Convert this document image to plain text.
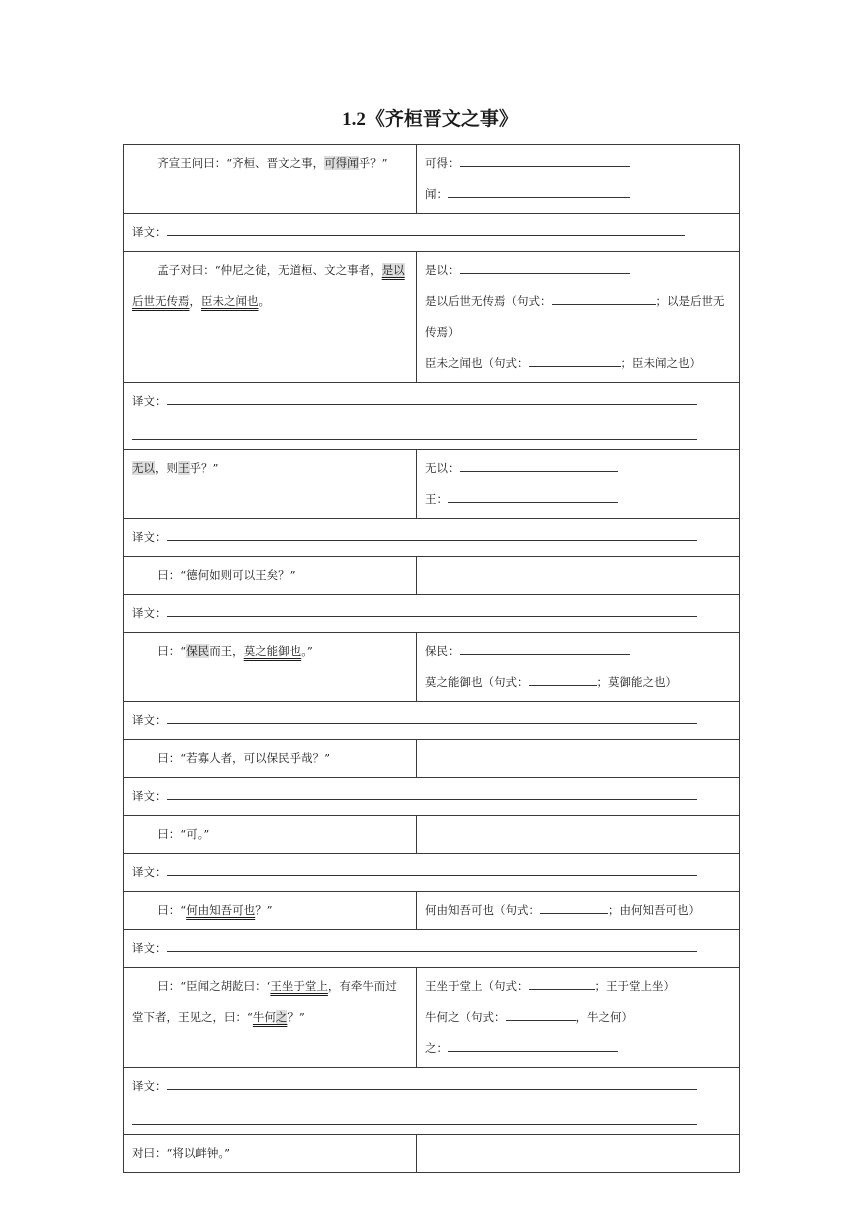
1.2《齐桓晋文之事》
齐宣王问曰：“齐桓、晋文之事，可得闻乎？”	可得：
闻：

译文：	
孟子对曰：“仲尼之徒，无道桓、文之事者，是以后世无传焉，臣未之闻也。	是以：
是以后世无传焉（句式： ；以是后世无传焉）
臣未之闻也（句式： ；臣未闻之也）

译文：	

无以，则王乎？”	无以：
王：

译文：	
曰：“德何如则可以王矣？”	
译文：	
曰：“保民而王，莫之能御也。”	保民：
莫之能御也（句式： ；莫御能之也）

译文：	
曰：“若寡人者，可以保民乎哉？”	
译文：	
曰：“可。”	
译文：	
曰：“何由知吾可也？”	何由知吾可也（句式： ；由何知吾可也）

译文：	
曰：“臣闻之胡龁曰：‘王坐于堂上，有牵牛而过堂下者，王见之，曰：“牛何之？”	王坐于堂上（句式： ；王于堂上坐）
牛何之（句式： ，牛之何）
之：

译文：	

对曰：“将以衅钟。”	
